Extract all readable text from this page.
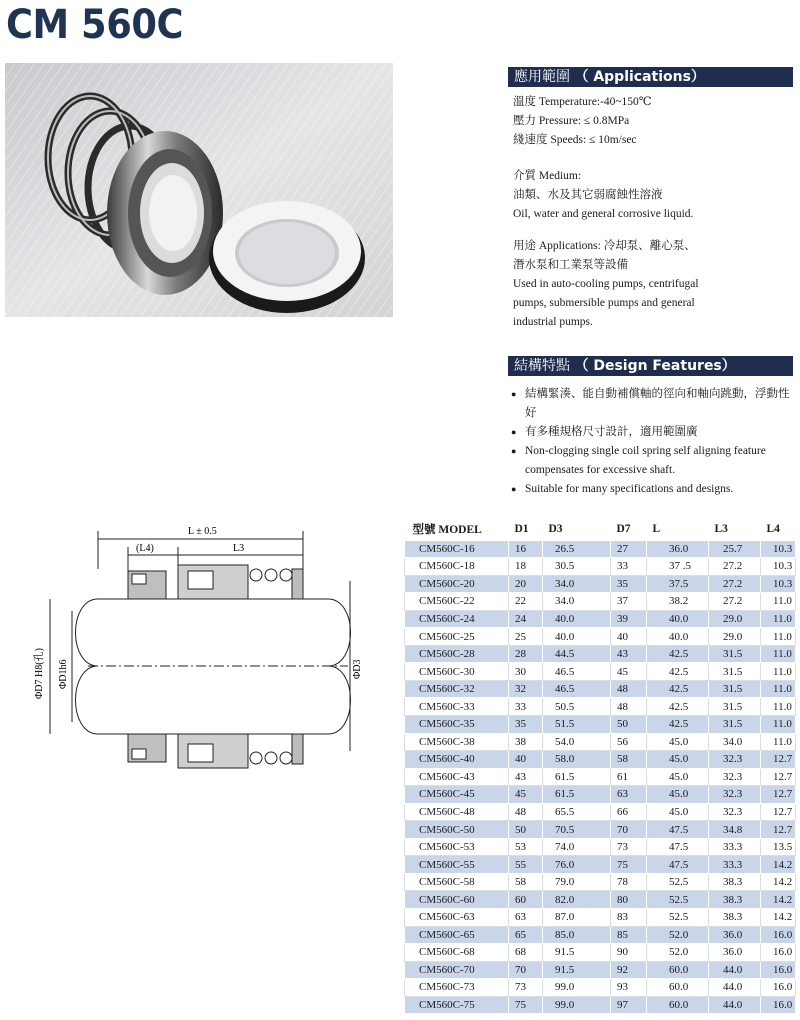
CM 560C
應用範圍 （ Applications）
溫度 Temperature:-40~150℃
壓力 Pressure: ≤ 0.8MPa
綫速度 Speeds: ≤ 10m/sec
介質 Medium:
油類、水及其它弱腐蝕性溶液
Oil, water and general corrosive liquid.
用途 Applications: 冷却泵、離心泵、
潛水泵和工業泵等設備
Used in auto-cooling pumps, centrifugal
pumps, submersible pumps and general
industrial pumps.
結構特點 （ Design Features）
● 結構緊湊、能自動補償軸的徑向和軸向跳動，浮動性好
● 有多種規格尺寸設計，適用範圍廣
● Non-clogging single coil spring self aligning feature compensates for excessive shaft.
● Suitable for many specifications and designs.
L ± 0.5
(L4)	L3
ΦD7 H8(孔) ΦD1h6	ΦD3
型號 MODEL	D1	D3	D7	L	L3	L4
CM560C-16	16	26.5	27	36.0	25.7	10.3
CM560C-18	18	30.5	33	37 .5	27.2	10.3
CM560C-20	20	34.0	35	37.5	27.2	10.3
CM560C-22	22	34.0	37	38.2	27.2	11.0
CM560C-24	24	40.0	39	40.0	29.0	11.0
CM560C-25	25	40.0	40	40.0	29.0	11.0
CM560C-28	28	44.5	43	42.5	31.5	11.0
CM560C-30	30	46.5	45	42.5	31.5	11.0
CM560C-32	32	46.5	48	42.5	31.5	11.0
CM560C-33	33	50.5	48	42.5	31.5	11.0
CM560C-35	35	51.5	50	42.5	31.5	11.0
CM560C-38	38	54.0	56	45.0	34.0	11.0
CM560C-40	40	58.0	58	45.0	32.3	12.7
CM560C-43	43	61.5	61	45.0	32.3	12.7
CM560C-45	45	61.5	63	45.0	32.3	12.7
CM560C-48	48	65.5	66	45.0	32.3	12.7
CM560C-50	50	70.5	70	47.5	34.8	12.7
CM560C-53	53	74.0	73	47.5	33.3	13.5
CM560C-55	55	76.0	75	47.5	33.3	14.2
CM560C-58	58	79.0	78	52.5	38.3	14.2
CM560C-60	60	82.0	80	52.5	38.3	14.2
CM560C-63	63	87.0	83	52.5	38.3	14.2
CM560C-65	65	85.0	85	52.0	36.0	16.0
CM560C-68	68	91.5	90	52.0	36.0	16.0
CM560C-70	70	91.5	92	60.0	44.0	16.0
CM560C-73	73	99.0	93	60.0	44.0	16.0
CM560C-75	75	99.0	97	60.0	44.0	16.0
